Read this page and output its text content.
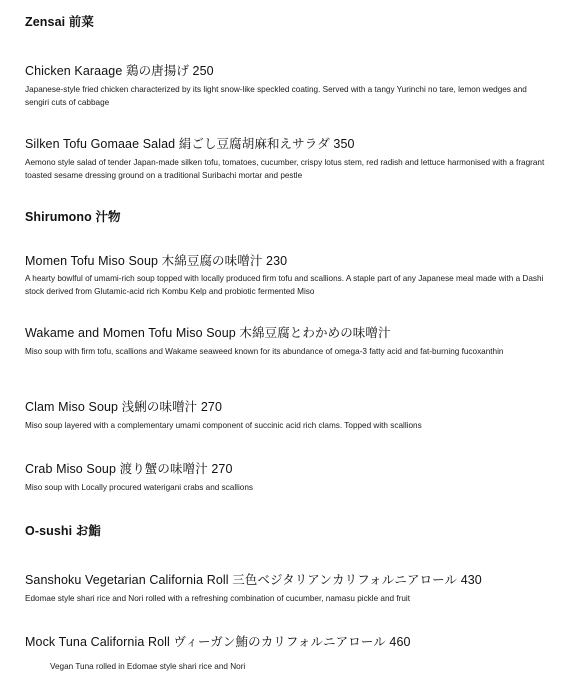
Zensai 前菜
Chicken Karaage 鶏の唐揚げ 250
Japanese-style fried chicken characterized by its light snow-like speckled coating. Served with a tangy Yurinchi no tare, lemon wedges and sengiri cuts of cabbage
Silken Tofu Gomaae Salad 絹ごし豆腐胡麻和えサラダ 350
Aemono style salad of tender Japan-made silken tofu, tomatoes, cucumber, crispy lotus stem, red radish and lettuce harmonised with a fragrant toasted sesame dressing ground on a traditional Suribachi mortar and pestle
Shirumono 汁物
Momen Tofu Miso Soup 木綿豆腐の味噌汁 230
A hearty bowlful of umami-rich soup topped with locally produced firm tofu and scallions. A staple part of any Japanese meal made with a Dashi stock derived from Glutamic-acid rich Kombu Kelp and probiotic fermented Miso
Wakame and Momen Tofu Miso Soup 木綿豆腐とわかめの味噌汁
Miso soup with firm tofu, scallions and Wakame seaweed known for its abundance of omega-3 fatty acid and fat-burning fucoxanthin
Clam Miso Soup 浅蜊の味噌汁 270
Miso soup layered with a complementary umami component of succinic acid rich clams. Topped with scallions
Crab Miso Soup 渡り蟹の味噌汁 270
Miso soup with Locally procured waterigani crabs and scallions
O-sushi お鮨
Sanshoku Vegetarian California Roll 三色ベジタリアンカリフォルニアロール 430
Edomae style shari rice and Nori rolled with a refreshing combination of cucumber, namasu pickle and fruit
Mock Tuna California Roll ヴィーガン鮪のカリフォルニアロール 460
Vegan Tuna rolled in Edomae style shari rice and Nori
